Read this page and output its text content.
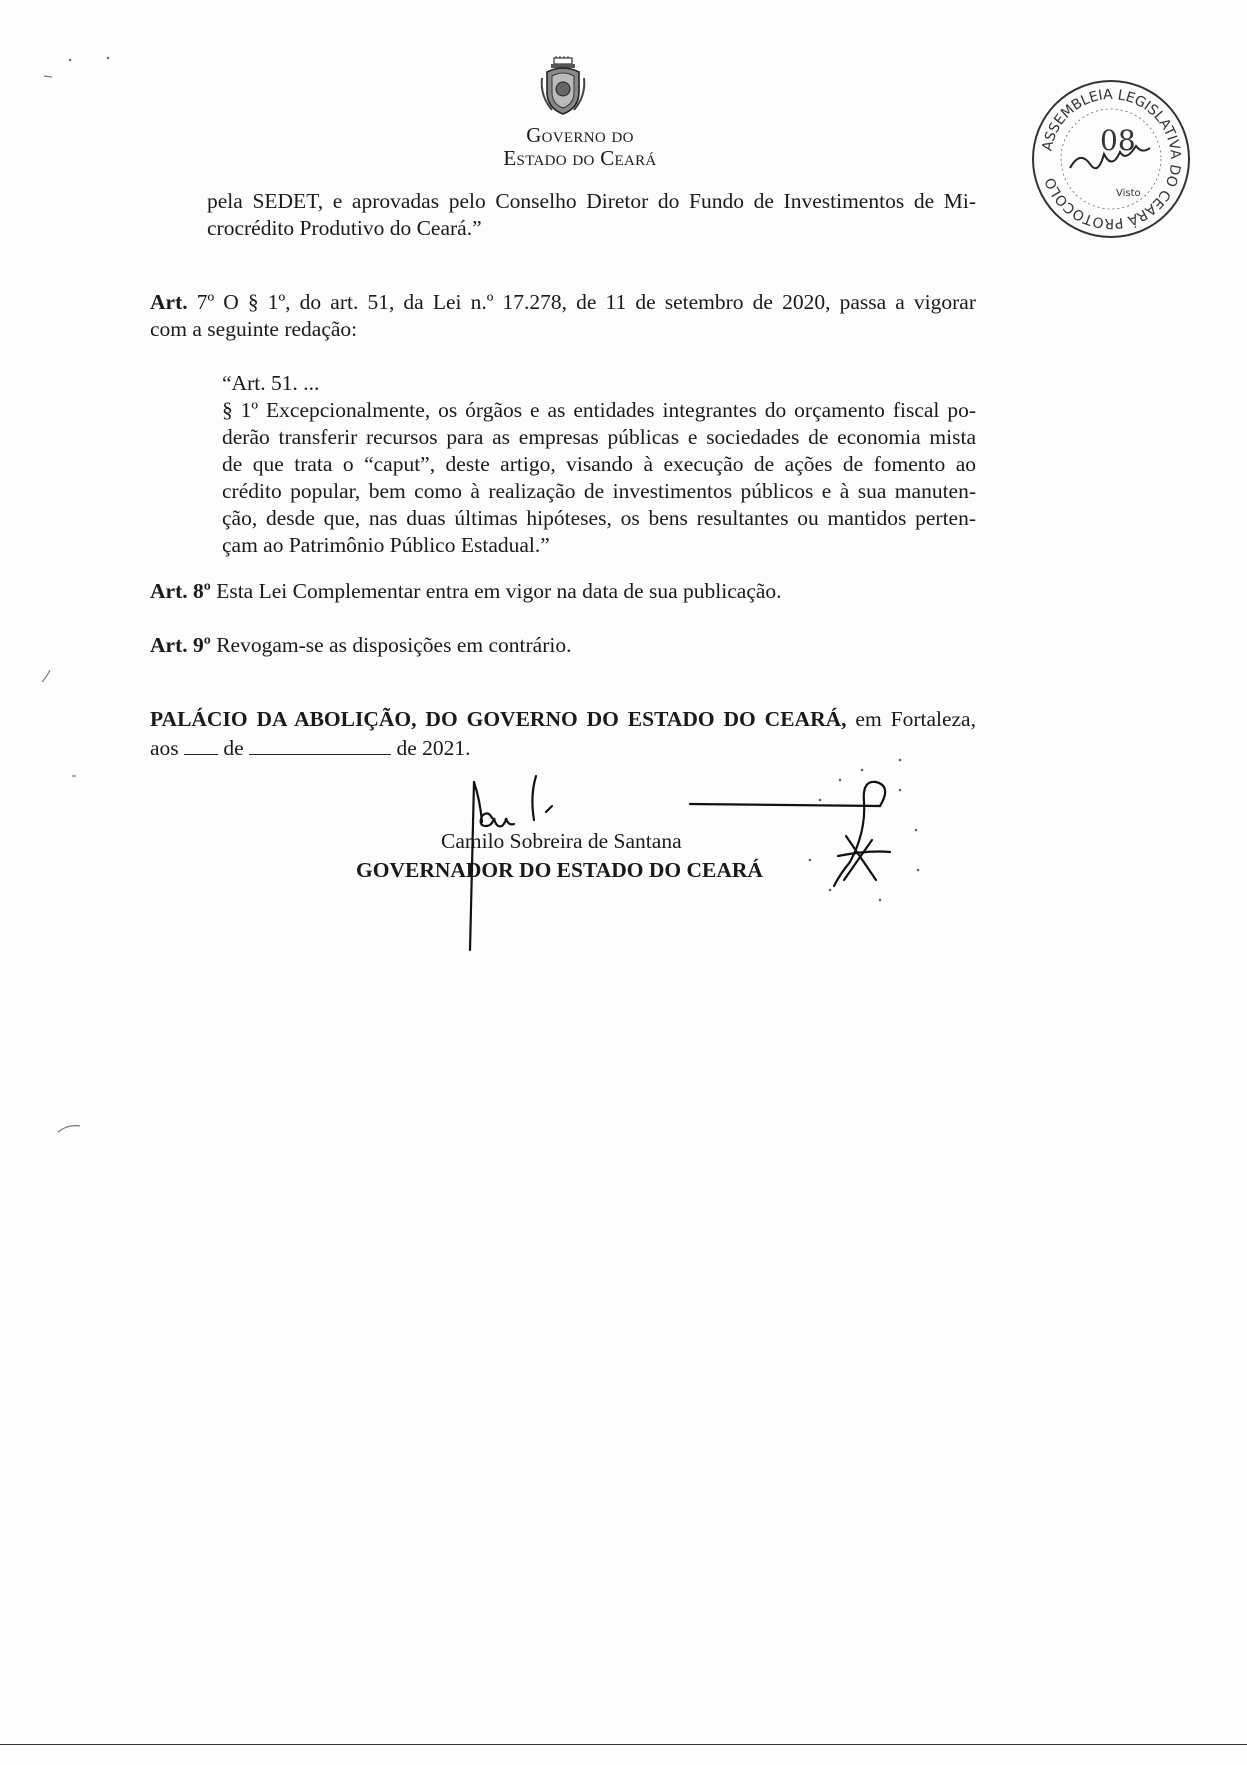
Governo do
Estado do Ceará
ASSEMBLEIA LEGISLATIVA DO CEARÁ PROTOCOLO
08
Visto
pela SEDET, e aprovadas pelo Conselho Diretor do Fundo de Investimentos de Mi-
crocrédito Produtivo do Ceará.”
Art. 7º O § 1º, do art. 51, da Lei n.º 17.278, de 11 de setembro de 2020, passa a vigorar
com a seguinte redação:
“Art. 51. ...
§ 1º Excepcionalmente, os órgãos e as entidades integrantes do orçamento fiscal po-
derão transferir recursos para as empresas públicas e sociedades de economia mista
de que trata o “caput”, deste artigo, visando à execução de ações de fomento ao
crédito popular, bem como à realização de investimentos públicos e à sua manuten-
ção, desde que, nas duas últimas hipóteses, os bens resultantes ou mantidos perten-
çam ao Patrimônio Público Estadual.”
Art. 8º Esta Lei Complementar entra em vigor na data de sua publicação.
Art. 9º Revogam-se as disposições em contrário.
PALÁCIO DA ABOLIÇÃO, DO GOVERNO DO ESTADO DO CEARÁ, em Fortaleza,
aos de	de 2021.
Camilo Sobreira de Santana
GOVERNADOR DO ESTADO DO CEARÁ
